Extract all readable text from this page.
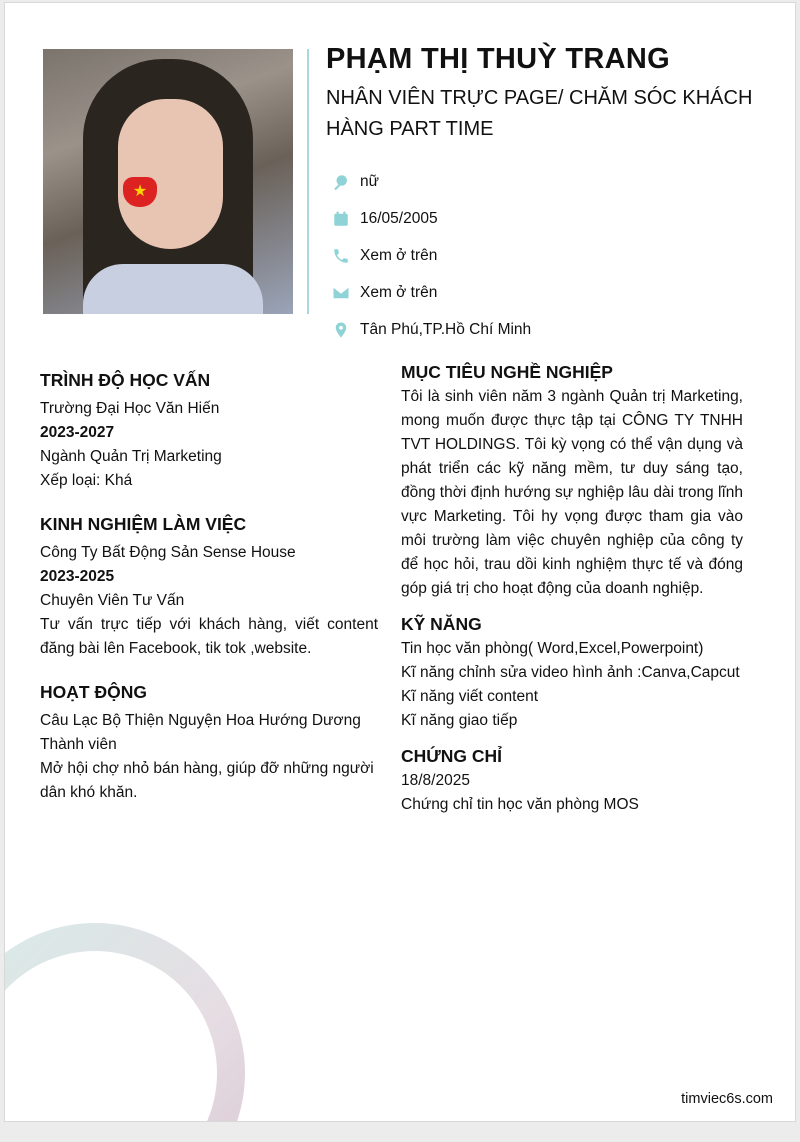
★
PHẠM THỊ THUỲ TRANG
NHÂN VIÊN TRỰC PAGE/ CHĂM SÓC KHÁCH HÀNG PART TIME
nữ
16/05/2005
Xem ở trên
Xem ở trên
Tân Phú,TP.Hồ Chí Minh
TRÌNH ĐỘ HỌC VẤN
Trường Đại Học Văn Hiến
2023-2027
Ngành Quản Trị Marketing
Xếp loại: Khá
KINH NGHIỆM LÀM VIỆC
Công Ty Bất Động Sản Sense House
2023-2025
Chuyên Viên Tư Vấn
Tư vấn trực tiếp với khách hàng, viết content đăng bài lên Facebook, tik tok ,website.
HOẠT ĐỘNG
Câu Lạc Bộ Thiện Nguyện Hoa Hướng Dương
Thành viên
Mở hội chợ nhỏ bán hàng, giúp đỡ những người dân khó khăn.
MỤC TIÊU NGHỀ NGHIỆP
Tôi là sinh viên năm 3 ngành Quản trị Marketing, mong muốn được thực tập tại CÔNG TY TNHH TVT HOLDINGS. Tôi kỳ vọng có thể vận dụng và phát triển các kỹ năng mềm, tư duy sáng tạo, đồng thời định hướng sự nghiệp lâu dài trong lĩnh vực Marketing. Tôi hy vọng được tham gia vào môi trường làm việc chuyên nghiệp của công ty để học hỏi, trau dồi kinh nghiệm thực tế và đóng góp giá trị cho hoạt động của doanh nghiệp.
KỸ NĂNG
Tin học văn phòng( Word,Excel,Powerpoint)
Kĩ năng chỉnh sửa video hình ảnh :Canva,Capcut
Kĩ năng viết content
Kĩ năng giao tiếp
CHỨNG CHỈ
18/8/2025
Chứng chỉ tin học văn phòng MOS
timviec6s.com
